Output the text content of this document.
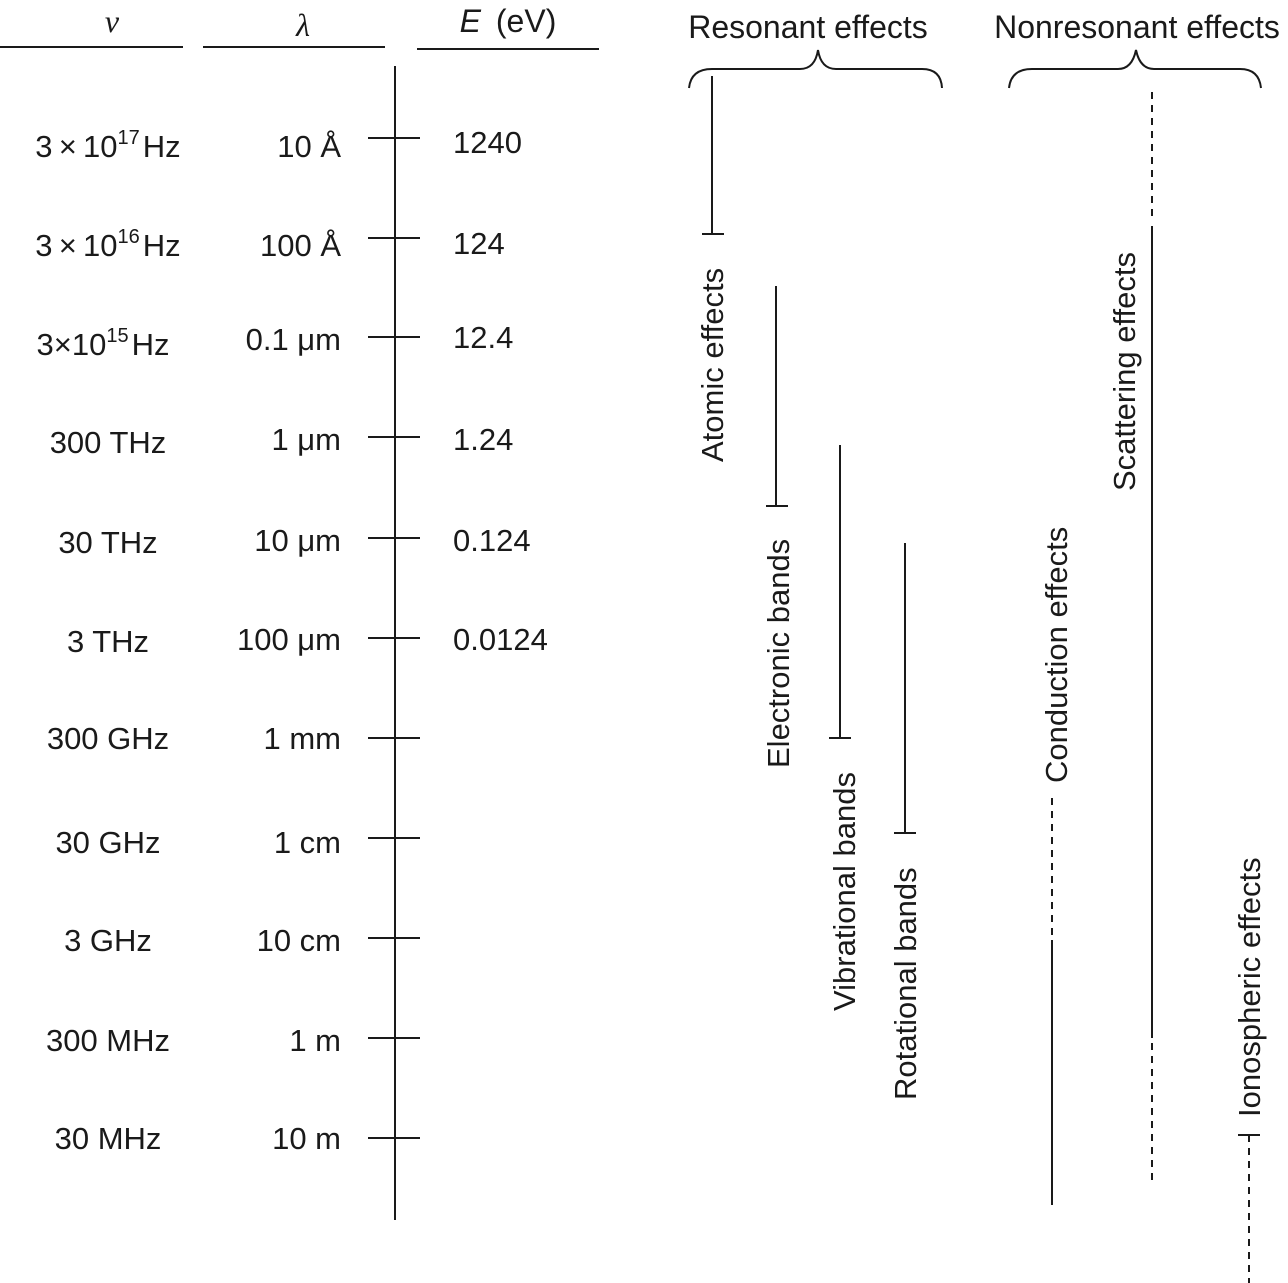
v	λ	E (eV)
$3 \times 10^{17}Hz$	10 Å	1240
$3 \times 10^{16}Hz$	100 Å	124
$3\times 10^{15}Hz$ 0.1 μm	12.4
300 THz	1 μm	1.24
30 THz	10 μm	0.124
3 THz	100 μm	0.0124
300 GHz	1 mm
30 GHz	1 cm
3 GHz	10 cm
300 MHz	1 m
30 MHz	10 m
Resonant effects Nonresonant effects
Atomic effects
Electronic bands
Vibrational bands Rotational bands
Conduction effects
Scattering effects
Ionospheric effects
